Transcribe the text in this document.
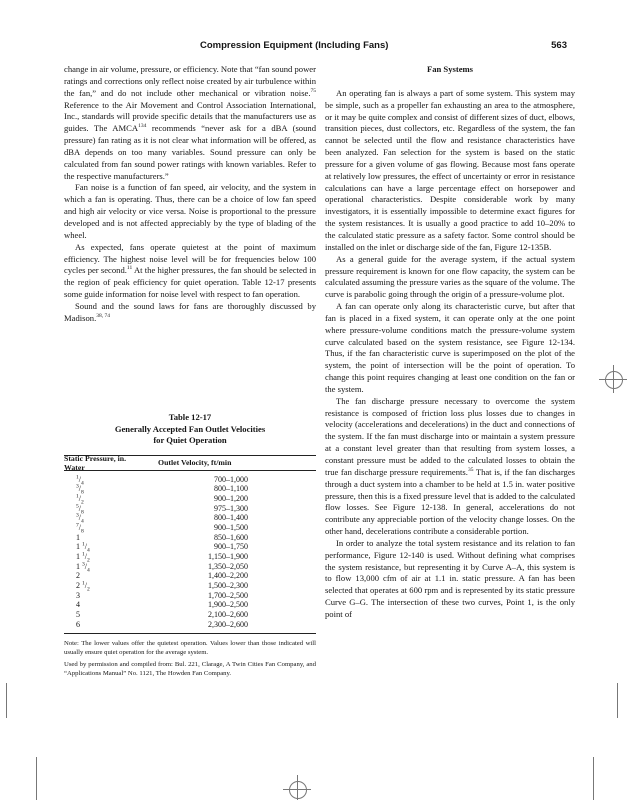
Compression Equipment (Including Fans)	563

change in air volume, pressure, or efficiency. Note that “fan sound power ratings and corrections only reflect noise created by air turbulence within the fan,” and do not include other mechanical or vibration noise.$^{75}$ Reference to the Air Movement and Control Association International, Inc., standards will provide specific details that the manufacturers use as guides. The AMCA$^{134}$ recommends “never ask for a dBA (sound pressure) fan rating as it is not clear what information will be offered, as dBA depends on too many variables. Sound pressure can only be calculated from fan sound power ratings with known variables. Refer to the respective manufacturers.”

Fan noise is a function of fan speed, air velocity, and the system in which a fan is operating. Thus, there can be a choice of low fan speed and high air velocity or vice versa. Noise is proportional to the pressure developed and is not affected appreciably by the type of blading of the wheel.

As expected, fans operate quietest at the point of maximum efficiency. The highest noise level will be for frequencies below 100 cycles per second.$^{11}$ At the higher pressures, the fan should be selected in the region of peak efficiency for quiet operation. Table 12-17 presents some guide information for noise level with respect to fan operation.

Sound and the sound laws for fans are thoroughly discussed by Madison.$^{38, 74}$

Table 12-17
Generally Accepted Fan Outlet Velocities
for Quiet Operation
Static Pressure, in. Water	Outlet Velocity, ft/min
$^1/_4$	700–1,000
$^3/_8$	800–1,100
$^1/_2$	900–1,200
$^5/_8$	975–1,300
$^3/_4$	800–1,400
$^7/_8$	900–1,500
1	850–1,600
1 $^1/_4$	900–1,750
1 $^1/_2$	1,150–1,900
1 $^3/_4$	1,350–2,050
2	1,400–2,200
2 $^1/_2$	1,500–2,300
3	1,700–2,500
4	1,900–2,500
5	2,100–2,600
6	2,300–2,600

Note: The lower values offer the quietest operation. Values lower than those indicated will usually ensure quiet operation for the average system.

Used by permission and compiled from: Bul. 221, Clarage, A Twin Cities Fan Company, and “Applications Manual” No. 1121, The Howden Fan Company.

Fan Systems

An operating fan is always a part of some system. This system may be simple, such as a propeller fan exhausting an area to the atmosphere, or it may be quite complex and consist of different sizes of duct, elbows, transition pieces, dust collectors, etc. Regardless of the system, the fan cannot be selected until the flow and resistance characteristics have been analyzed. Fan selection for the system is based on the static pressure for a given volume of gas flowing. Because most fans operate at relatively low pressures, the effect of uncertainty or error in resistance calculations can have a large percentage effect on horsepower and operational characteristics. Despite considerable work by many investigators, it is essentially impossible to determine exact figures for the system resistances. It is usually a good practice to add 10–20% to the calculated static pressure as a safety factor. Some control should be installed on the inlet or discharge side of the fan, Figure 12-135B.

As a general guide for the average system, if the actual system pressure requirement is known for one flow capacity, the system can be calculated assuming the pressure varies as the square of the volume. The curve is parabolic going through the origin of a pressure-volume plot.

A fan can operate only along its characteristic curve, but after that fan is placed in a fixed system, it can operate only at the one point where pressure-volume conditions match the pressure-volume system curve calculated based on the system resistance, see Figure 12-134. Thus, if the fan characteristic curve is superimposed on the plot of the system, the point of intersection will be the point of operation. To change this point requires changing at least one condition on the fan or the system.

The fan discharge pressure necessary to overcome the system resistance is composed of friction loss plus losses due to changes in velocity (accelerations and decelerations) in the duct and connections of the system. If the fan must discharge into or maintain a system pressure at a constant level greater than that resulting from system losses, a constant pressure must be added to the calculated losses to obtain the true fan discharge pressure requirements.$^{35}$ That is, if the fan discharges through a duct system into a chamber to be held at 1.5 in. water positive pressure, then this is a fixed pressure level that is added to the calculated flow losses. See Figure 12-138. In general, accelerations do not contribute any appreciable portion of the velocity change losses. On the other hand, decelerations contribute a considerable portion.

In order to analyze the total system resistance and its relation to fan performance, Figure 12-140 is used. Without defining what comprises the system resistance, but representing it by Curve A–A, this system is to flow 13,000 cfm of air at 1.1 in. static pressure. A fan has been selected that operates at 600 rpm and is represented by its static pressure Curve G–G. The intersection of these two curves, Point 1, is the only point of
